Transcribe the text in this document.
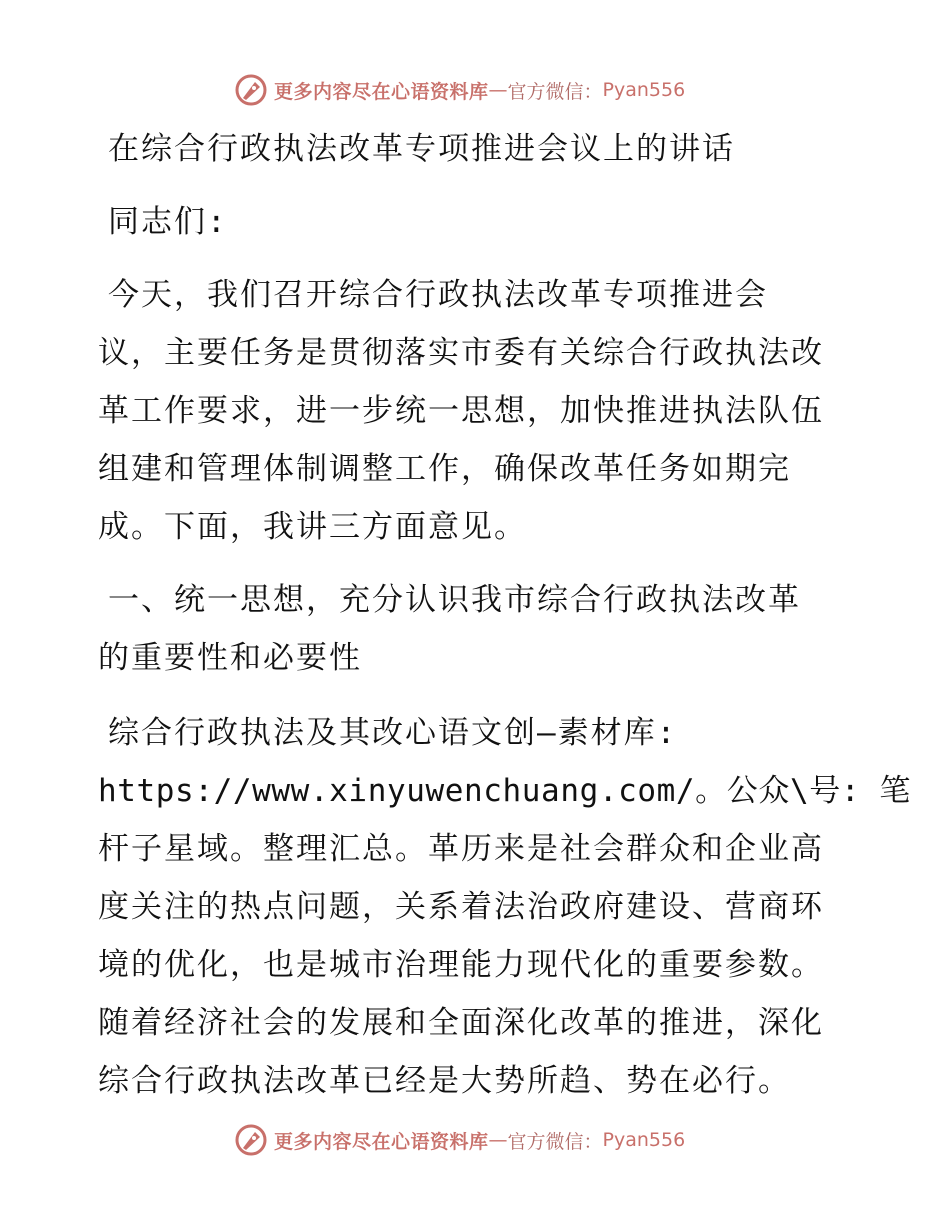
更多内容尽在心语资料库 — 官方微信： Pyan556
在综合行政执法改革专项推进会议上的讲话
同志们:
今天，我们召开综合行政执法改革专项推进会
议，主要任务是贯彻落实市委有关综合行政执法改
革工作要求，进一步统一思想，加快推进执法队伍
组建和管理体制调整工作，确保改革任务如期完
成。下面，我讲三方面意见。
一、统一思想，充分认识我市综合行政执法改革
的重要性和必要性
综合行政执法及其改心语文创—素材库:
https://www.xinyuwenchuang.com/。公众\号: 笔
杆子星域。整理汇总。革历来是社会群众和企业高
度关注的热点问题，关系着法治政府建设、营商环
境的优化，也是城市治理能力现代化的重要参数。
随着经济社会的发展和全面深化改革的推进，深化
综合行政执法改革已经是大势所趋、势在必行。
更多内容尽在心语资料库 — 官方微信： Pyan556
